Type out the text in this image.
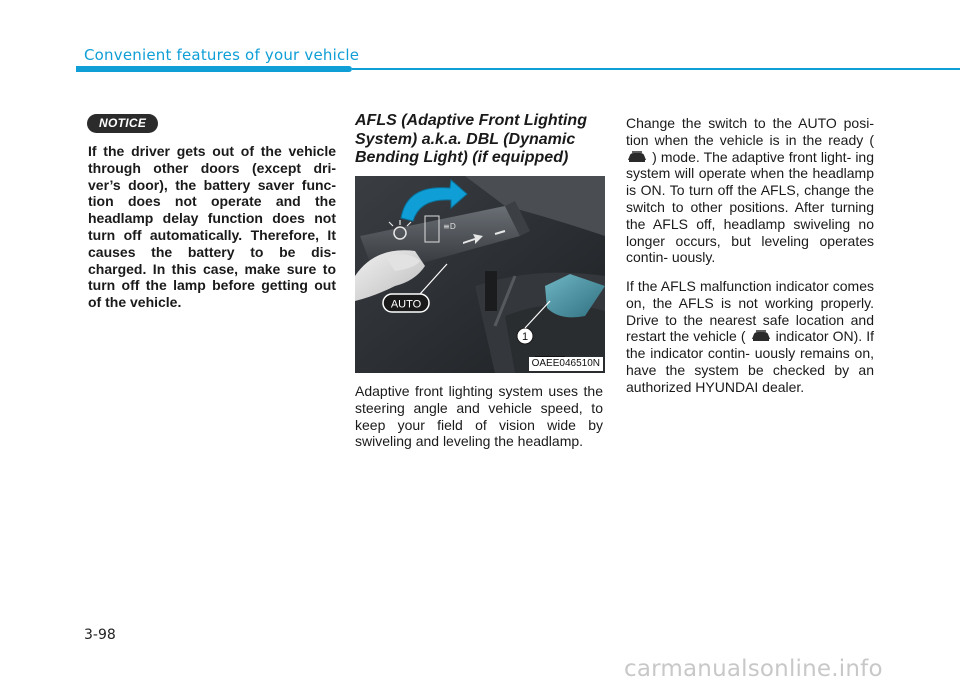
Convenient features of your vehicle
NOTICE

If the driver gets out of the vehicle through other doors (except dri- ver’s door), the battery saver func- tion does not operate and the headlamp delay function does not turn off automatically. Therefore, It causes the battery to be dis- charged. In this case, make sure to turn off the lamp before getting out of the vehicle.

AFLS (Adaptive Front Lighting System) a.k.a. DBL (Dynamic Bending Light) (if equipped)
≡D
AUTO
1
OAEE046510N

Adaptive front lighting system uses the steering angle and vehicle speed, to keep your field of vision wide by swiveling and leveling the headlamp.

Change the switch to the AUTO posi- tion when the vehicle is in the ready (  ) mode. The adaptive front light- ing system will operate when the headlamp is ON. To turn off the AFLS, change the switch to other positions. After turning the AFLS off, headlamp swiveling no longer occurs, but leveling operates contin- uously.

If the AFLS malfunction indicator comes on, the AFLS is not working properly. Drive to the nearest safe location and restart the vehicle ( indicator ON). If the indicator contin- uously remains on, have the system be checked by an authorized HYUNDAI dealer.

3-98
carmanualsonline.info
